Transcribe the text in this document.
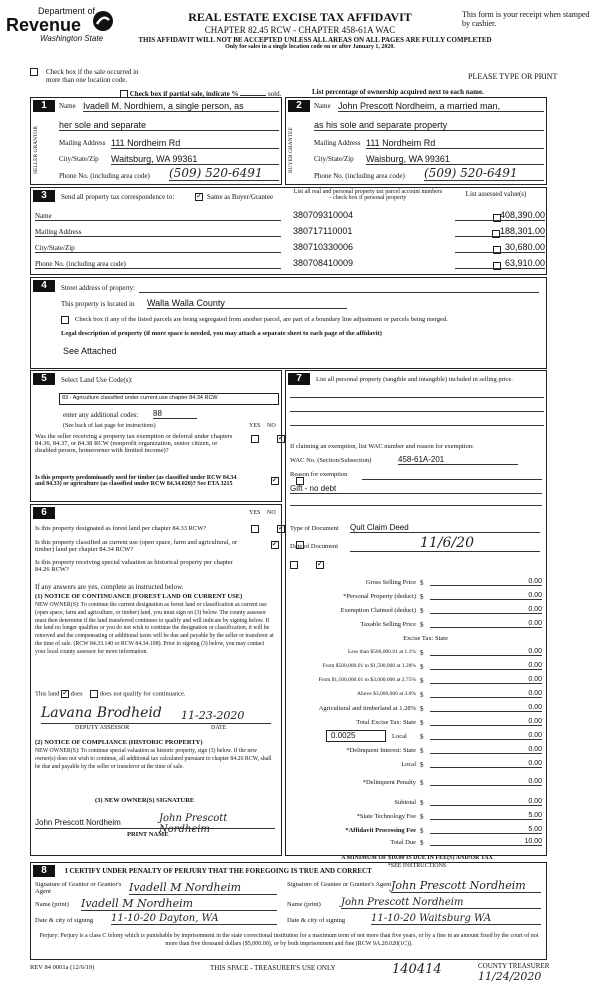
Department of
Revenue
Washington State
REAL ESTATE EXCISE TAX AFFIDAVIT
CHAPTER 82.45 RCW - CHAPTER 458-61A WAC
THIS AFFIDAVIT WILL NOT BE ACCEPTED UNLESS ALL AREAS ON ALL PAGES ARE FULLY COMPLETED
Only for sales in a single location code on or after January 1, 2020.
This form is your receipt when stamped by cashier.
PLEASE TYPE OR PRINT
Check box if the sale occurred in more than one location code.
Check box if partial sale, indicate %	sold.	List percentage of ownership acquired next to each name.
1
SELLER GRANTOR
Name Ivadell M. Nordhiem, a single person, as
her sole and separate
Mailing Address 111 Nordheim Rd
City/State/Zip Waitsburg, WA 99361
Phone No. (including area code) (509) 520-6491
2
BUYER GRANTEE
Name John Prescott Nordheim, a married man,
as his sole and separate property
Mailing Address 111 Nordheim Rd
City/State/Zip Waisburg, WA 99361
Phone No. (including area code) (509) 520-6491
3	Send all property tax correspondence to: ✓	Same as Buyer/Grantee
Name
Mailing Address
City/State/Zip
Phone No. (including area code)
List all real and personal property tax parcel account numbers - check box if personal property	List assessed value(s)
380709310004	408,390.00
380717110001	188,301.00
380710330006	30,680.00
380708410009	63,910.00
4	Street address of property:
This property is located in Walla Walla County
Check box if any of the listed parcels are being segregated from another parcel, are part of a boundary line adjustment or parcels being merged.
Legal description of property (if more space is needed, you may attach a separate sheet to each page of the affidavit)
See Attached
5	Select Land Use Code(s):
83 - Agriculture classified under current use chapter 84.34 RCW
enter any additional codes: 88
(See back of last page for instructions)	YES NO
Was the seller receiving a property tax exemption or deferral under chapters 84.36, 84.37, or 84.38 RCW (nonprofit organization, senior citizen, or disabled person, homeowner with limited income)?
✓
Is this property predominantly used for timber (as classified under RCW 84.34 and 84.33) or agriculture (as classified under RCW 84.34.020)? See ETA 3215
✓
6	YES NO
Is this property designated as forest land per chapter 84.33 RCW?
✓
Is this property classified as current use (open space, farm and agricultural, or timber) land per chapter 84.34 RCW?
✓
Is this property receiving special valuation as historical property per chapter 84.26 RCW?
✓
If any answers are yes, complete as instructed below.
(1) NOTICE OF CONTINUANCE (FOREST LAND OR CURRENT USE)
NEW OWNER(S): To continue the current designation as forest land or classification as current use (open space, farm and agriculture, or timber) land, you must sign on (3) below. The county assessor must then determine if the land transferred continues to qualify and will indicate by signing below. If the land no longer qualifies or you do not wish to continue the designation or classification, it will be removed and the compensating or additional taxes will be due and payable by the seller or transferor at the time of sale. (RCW 84.33.140 or RCW 84.34.108). Prior to signing (3) below, you may contact your local county assessor for more information.
This land ✓ does	does not qualify for continuance.
Lavana Brodheid 11-23-2020
DEPUTY ASSESSOR	DATE
(2) NOTICE OF COMPLIANCE (HISTORIC PROPERTY)
NEW OWNER(S): To continue special valuation as historic property, sign (3) below. If the new owner(s) does not wish to continue, all additional tax calculated pursuant to chapter 84.26 RCW, shall be due and payable by the seller or transferor at the time of sale.
(3) NEW OWNER(S) SIGNATURE
John Prescott Nordheim	John Prescott Nordheim
PRINT NAME
7	List all personal property (tangible and intangible) included in selling price.
If claiming an exemption, list WAC number and reason for exemption:
WAC No. (Section/Subsection)	458-61A-201
Reason for exemption
Gift - no debt
Type of Document Quit Claim Deed
Date of Document	11/6/20
Gross Selling Price $	0.00
*Personal Property (deduct) $	0.00
Exemption Claimed (deduct) $	0.00
Taxable Selling Price $	0.00
Excise Tax: State
Less than $500,000.01 at 1.1% $	0.00
From $500,000.01 to $1,500,000 at 1.28% $	0.00
From $1,500,000.01 to $3,000,000 at 2.75% $	0.00
Above $3,000,000 at 3.0% $	0.00
Agricultural and timberland at 1.28% $	0.00
Total Excise Tax: State $	0.00
0.0025	Local $	0.00
*Delinquent Interest: State $	0.00
Local $	0.00
*Delinquent Penalty $	0.00
Subtotal $	0.00
*State Technology Fee $	5.00
*Affidavit Processing Fee $	5.00
Total Due $	10.00
A MINIMUM OF $10.00 IS DUE IN FEE(S) AND/OR TAX
*SEE INSTRUCTIONS
8	I CERTIFY UNDER PENALTY OF PERJURY THAT THE FOREGOING IS TRUE AND CORRECT
Signature of Grantor or Grantor's Agent	Ivadell M Nordheim
Name (print) Ivadell M Nordheim
Date & city of signing 11-10-20 Dayton, WA
Signature of Grantee or Grantee's Agent John Prescott Nordheim
Name (print) John Prescott Nordheim
Date & city of signing	11-10-20 Waitsburg WA
Perjury: Perjury is a class C felony which is punishable by imprisonment in the state correctional institution for a maximum term of not more than five years, or by a fine in an amount fixed by the court of not more than five thousand dollars ($5,000.00), or by both imprisonment and fine (RCW 9A.20.020(1C)).
REV 84 0001a (12/6/19)	THIS SPACE - TREASURER'S USE ONLY	140414	COUNTY TREASURER
11/24/2020
